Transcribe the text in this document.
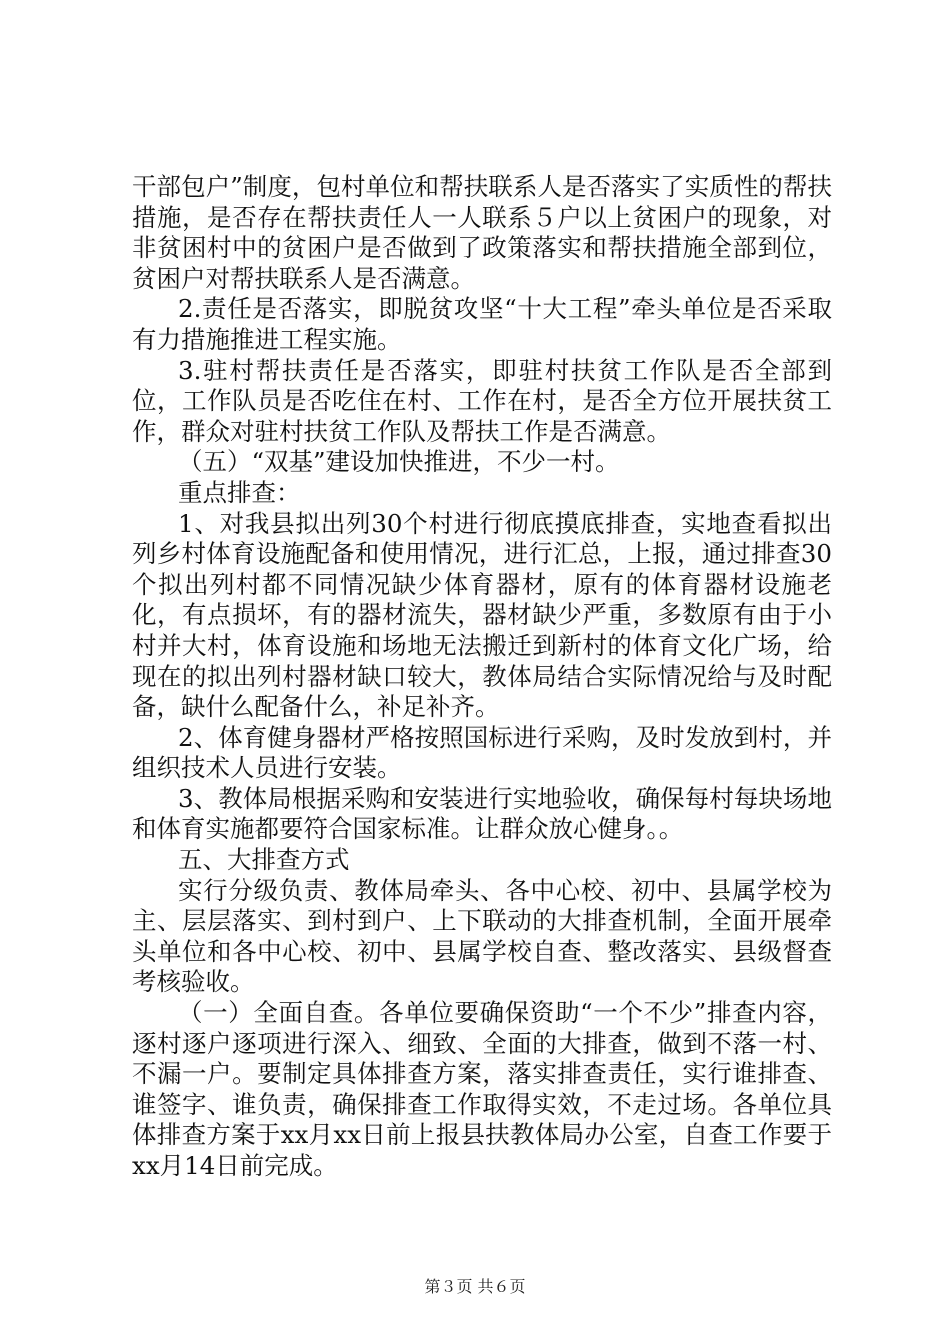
干部包户”制度，包村单位和帮扶联系人是否落实了实质性的帮扶措施，是否存在帮扶责任人一人联系５户以上贫困户的现象，对非贫困村中的贫困户是否做到了政策落实和帮扶措施全部到位，贫困户对帮扶联系人是否满意。

2.责任是否落实，即脱贫攻坚“十大工程”牵头单位是否采取有力措施推进工程实施。

3.驻村帮扶责任是否落实，即驻村扶贫工作队是否全部到位，工作队员是否吃住在村、工作在村，是否全方位开展扶贫工作，群众对驻村扶贫工作队及帮扶工作是否满意。

（五）“双基”建设加快推进，不少一村。

重点排查：

1、对我县拟出列30个村进行彻底摸底排查，实地查看拟出列乡村体育设施配备和使用情况，进行汇总，上报，通过排查30个拟出列村都不同情况缺少体育器材，原有的体育器材设施老化，有点损坏，有的器材流失，器材缺少严重，多数原有由于小村并大村，体育设施和场地无法搬迁到新村的体育文化广场，给现在的拟出列村器材缺口较大，教体局结合实际情况给与及时配备，缺什么配备什么，补足补齐。

2、体育健身器材严格按照国标进行采购，及时发放到村，并组织技术人员进行安装。

3、教体局根据采购和安装进行实地验收，确保每村每块场地和体育实施都要符合国家标准。让群众放心健身。。

五、大排查方式

实行分级负责、教体局牵头、各中心校、初中、县属学校为主、层层落实、到村到户、上下联动的大排查机制，全面开展牵头单位和各中心校、初中、县属学校自查、整改落实、县级督查考核验收。

（一）全面自查。各单位要确保资助“一个不少”排查内容，逐村逐户逐项进行深入、细致、全面的大排查，做到不落一村、不漏一户。要制定具体排查方案，落实排查责任，实行谁排查、谁签字、谁负责，确保排查工作取得实效，不走过场。各单位具体排查方案于xx月xx日前上报县扶教体局办公室，自查工作要于xx月14日前完成。

第３页 共６页
